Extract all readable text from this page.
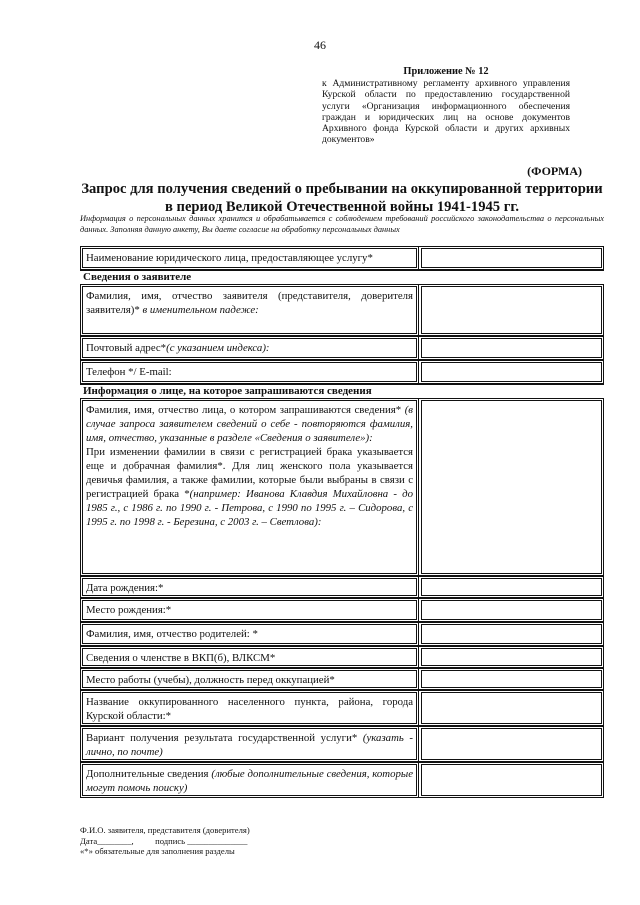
46
Приложение № 12
к Административному регламенту архивного управления Курской области по предоставлению государственной услуги «Организация информационного обеспечения граждан и юридических лиц на основе документов Архивного фонда Курской области и других архивных документов»
(ФОРМА)
Запрос для получения сведений о пребывании на оккупированной территории в период Великой Отечественной войны 1941-1945 гг.
Информация о персональных данных хранится и обрабатывается с соблюдением требований российского законодательства о персональных данных. Заполняя данную анкету, Вы даете согласие на обработку персональных данных
Наименование юридического лица, предоставляющее услугу*
Сведения о заявителе
Фамилия, имя, отчество заявителя (представителя, доверителя заявителя)* в именительном падеже:
Почтовый адрес*(с указанием индекса):
Телефон */ E-mail:
Информация о лице, на которое запрашиваются сведения
Фамилия, имя, отчество лица, о котором запрашиваются сведения* (в случае запроса заявителем сведений о себе - повторяются фамилия, имя, отчество, указанные в разделе «Сведения о заявителе»):
При изменении фамилии в связи с регистрацией брака указывается еще и добрачная фамилия*. Для лиц женского пола указывается девичья фамилия, а также фамилии, которые были выбраны в связи с регистрацией брака *(например: Иванова Клавдия Михайловна - до 1985 г., с 1986 г. по 1990 г. - Петрова, с 1990 по 1995 г. – Сидорова, с 1995 г. по 1998 г. - Березина, с 2003 г. – Светлова):
Дата рождения:*
Место рождения:*
Фамилия, имя, отчество родителей: *
Сведения о членстве в ВКП(б), ВЛКСМ*
Место работы (учебы), должность перед оккупацией*
Название оккупированного населенного пункта, района, города Курской области:*
Вариант получения результата государственной услуги* (указать - лично, по почте)
Дополнительные сведения (любые дополнительные сведения, которые могут помочь поиску)
Ф.И.О. заявителя, представителя (доверителя)
Дата________,          подпись ______________
«*» обязательные для заполнения разделы
